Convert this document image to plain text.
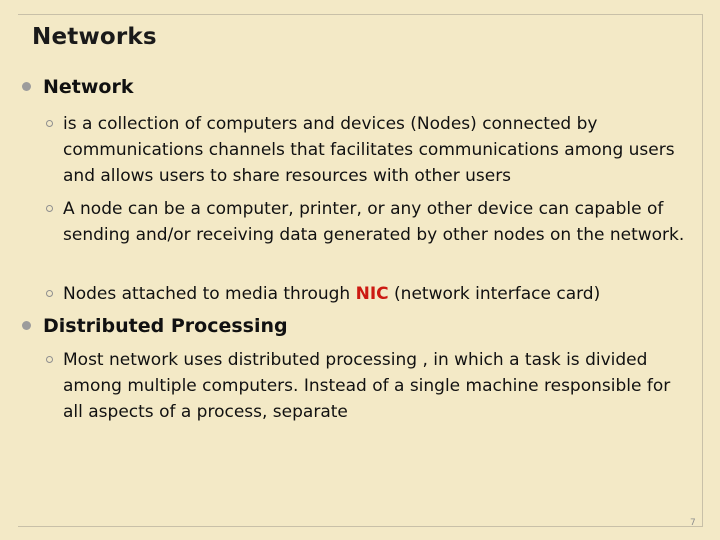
Networks
Network
is a collection of computers and devices (Nodes) connected by communications channels that facilitates communications among users and allows users to share resources with other users
A node can be a computer, printer, or any other device can capable of sending and/or receiving data generated by other nodes on the network.
Nodes attached to media through NIC (network interface card)
Distributed Processing
Most network uses distributed processing , in which a task is divided among multiple computers. Instead of a single machine responsible for all aspects of a process, separate
7
